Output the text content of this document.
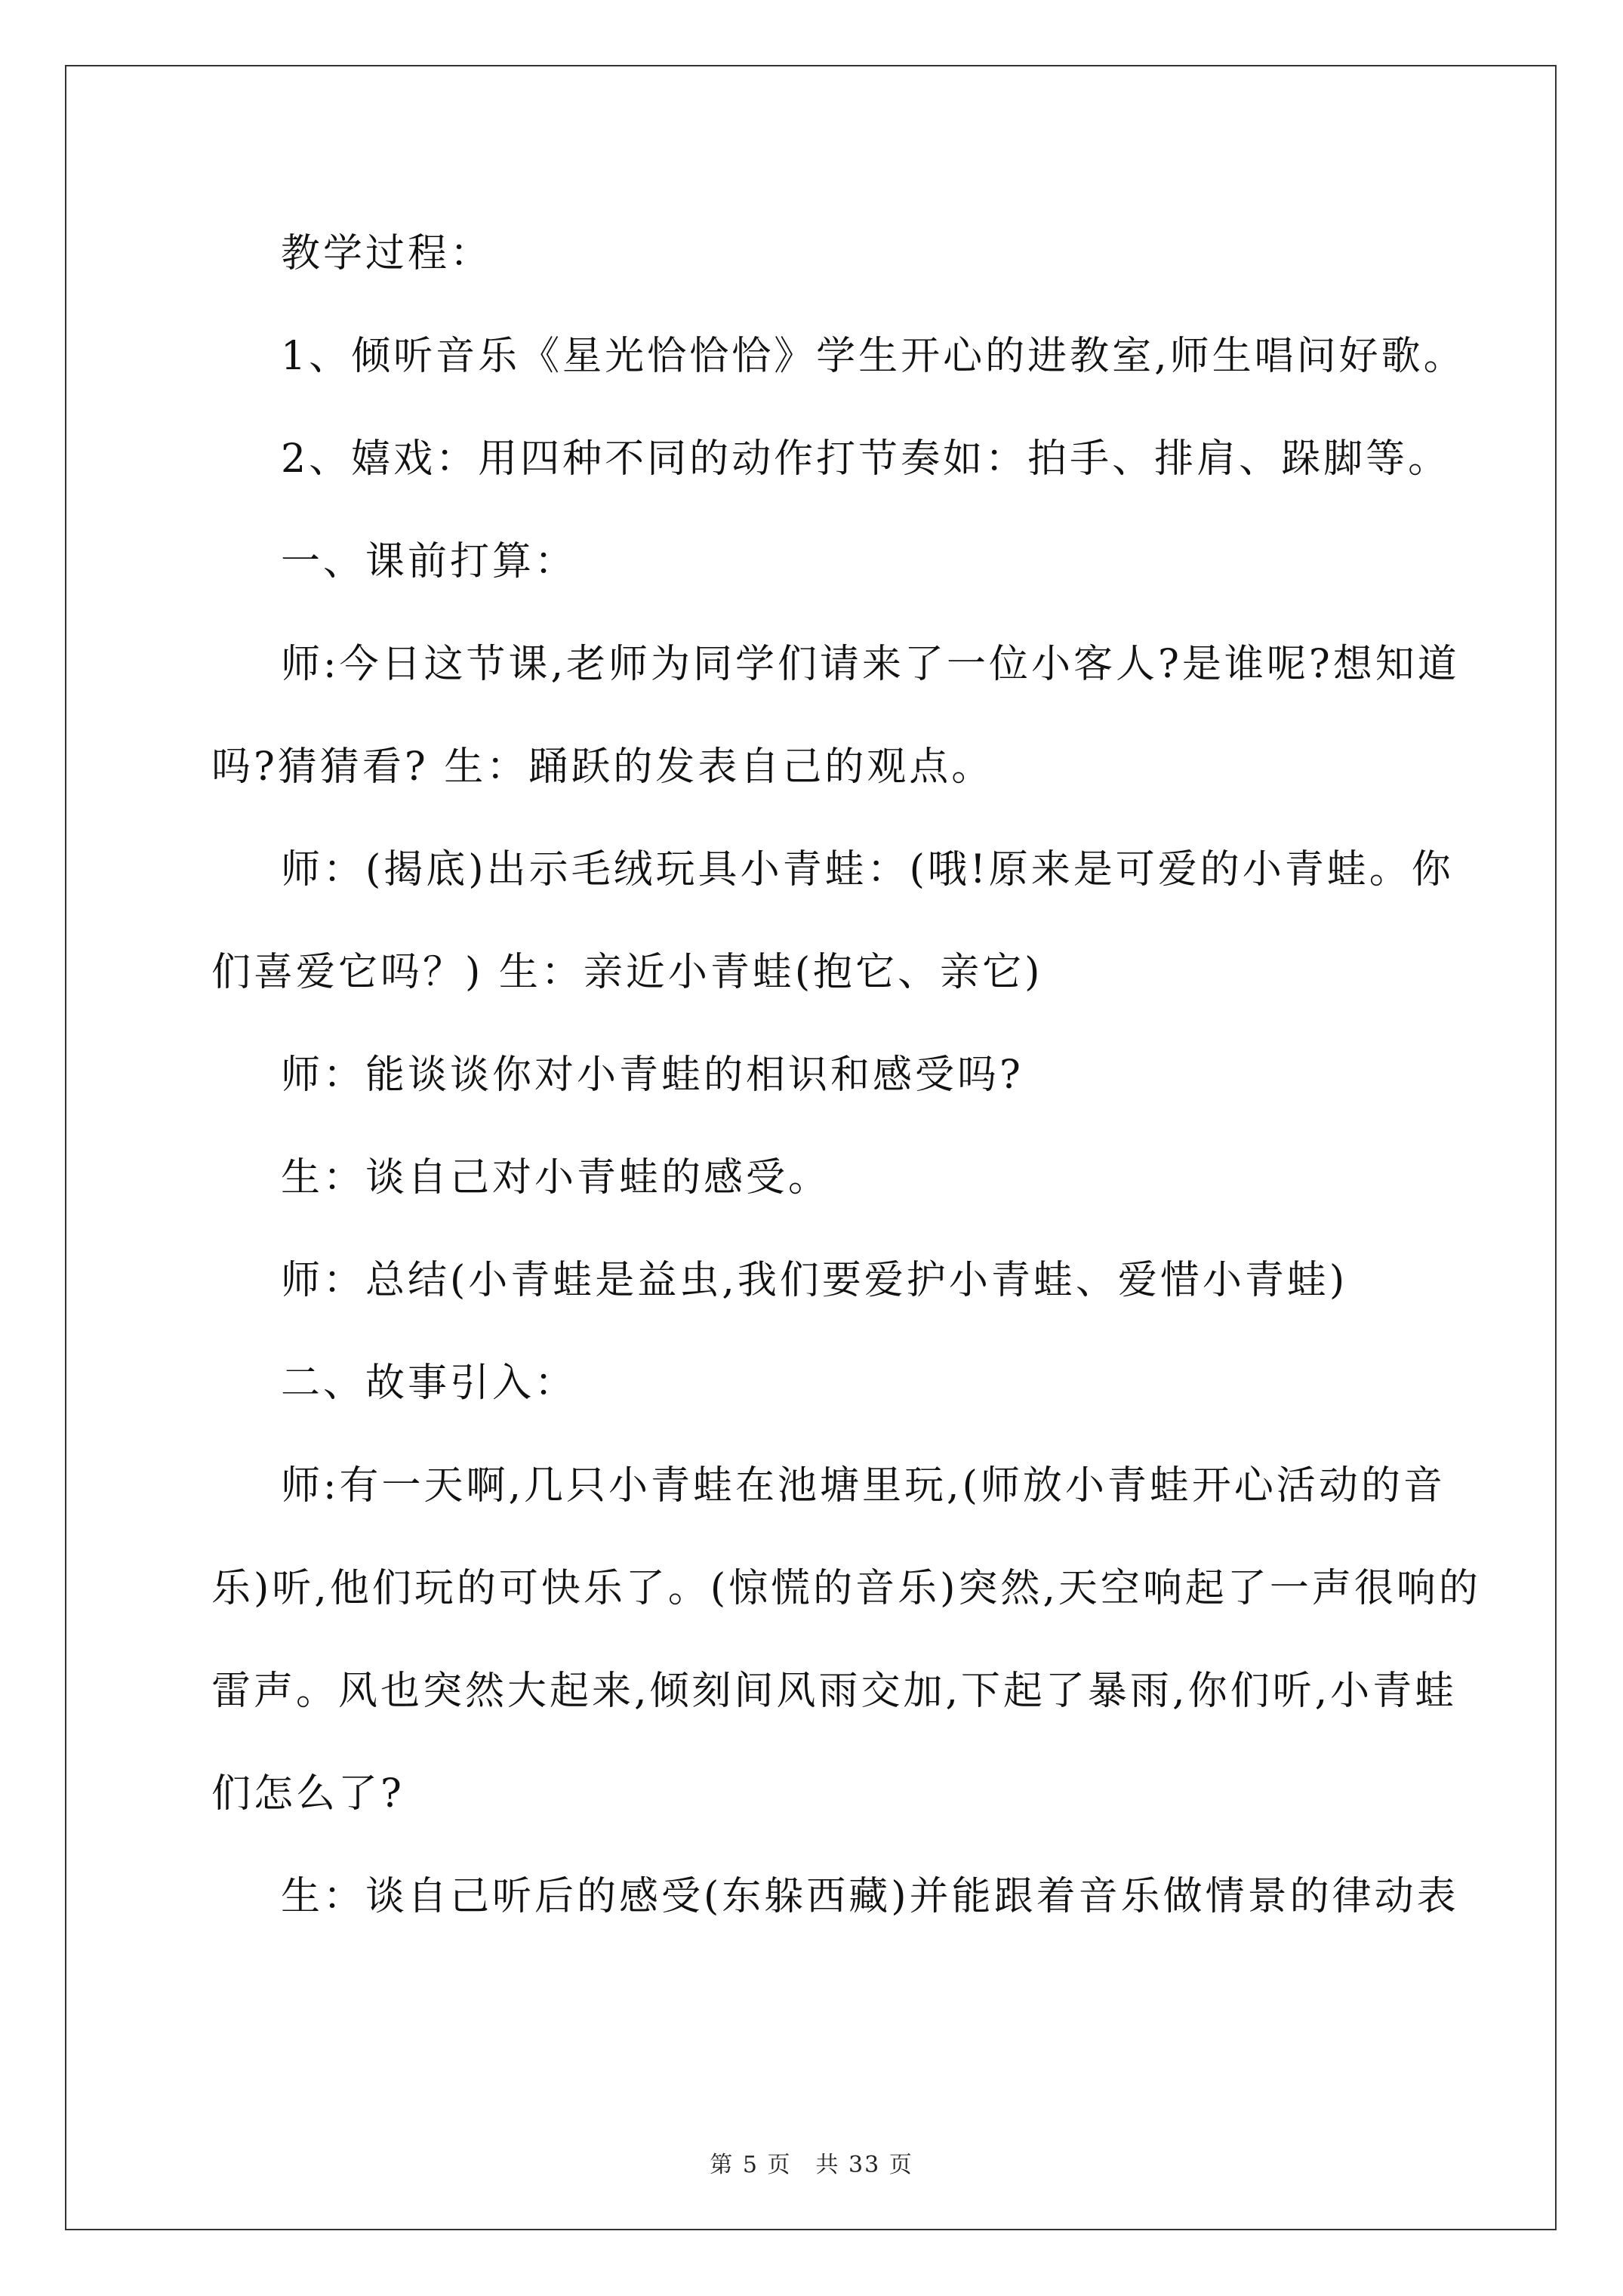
教学过程：

1、倾听音乐《星光恰恰恰》学生开心的进教室,师生唱问好歌。

2、嬉戏：用四种不同的动作打节奏如：拍手、排肩、跺脚等。

一、课前打算：

师:今日这节课,老师为同学们请来了一位小客人?是谁呢?想知道

吗?猜猜看? 生：踊跃的发表自己的观点。

师：(揭底)出示毛绒玩具小青蛙：(哦!原来是可爱的小青蛙。你

们喜爱它吗？) 生：亲近小青蛙(抱它、亲它)

师：能谈谈你对小青蛙的相识和感受吗?

生：谈自己对小青蛙的感受。

师：总结(小青蛙是益虫,我们要爱护小青蛙、爱惜小青蛙)

二、故事引入：

师:有一天啊,几只小青蛙在池塘里玩,(师放小青蛙开心活动的音

乐)听,他们玩的可快乐了。(惊慌的音乐)突然,天空响起了一声很响的

雷声。风也突然大起来,倾刻间风雨交加,下起了暴雨,你们听,小青蛙

们怎么了?

生：谈自己听后的感受(东躲西藏)并能跟着音乐做情景的律动表

第 5 页　共 33 页
